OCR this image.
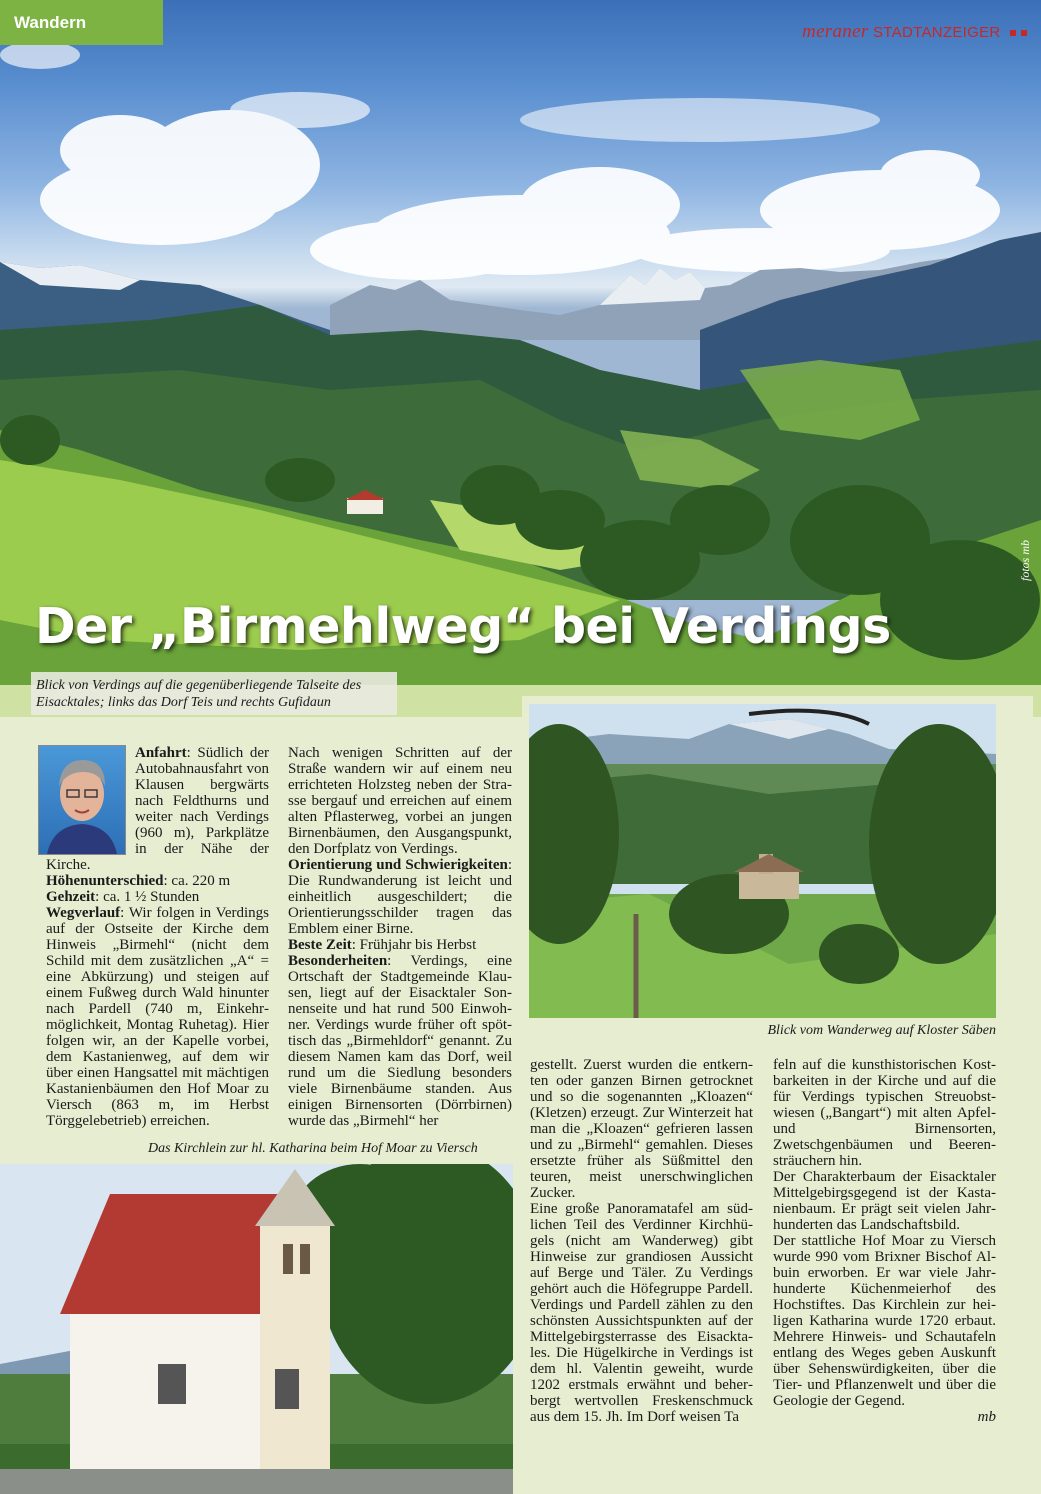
Wandern	meraner STADTANZEIGER
fotos mb
Der „Birmehlweg“ bei Verdings
Blick von Verdings auf die gegenüberliegende Talseite des Eisacktales; links das Dorf Teis und rechts Gufidaun
Blick vom Wanderweg auf Kloster Säben

Anfahrt: Südlich der Autobahnausfahrt von Klausen bergwärts nach Feldthurns und weiter nach Verdings (960 m), Parkplätze in der Nähe der Kirche.

Höhenunterschied: ca. 220 m

Gehzeit: ca. 1 ½ Stunden

Wegverlauf: Wir folgen in Verdings auf der Ostseite der Kirche dem Hinweis „Birmehl“ (nicht dem Schild mit dem zusätzlichen „A“ = eine Abkürzung) und steigen auf einem Fußweg durch Wald hinunter nach Pardell (740 m, Einkehrmöglichkeit, Montag Ruhetag). Hier folgen wir, an der Kapelle vorbei, dem Kastanienweg, auf dem wir über einen Hangsattel mit mächtigen Kastanienbäumen den Hof Moar zu Viersch (863 m, im Herbst Törggelebetrieb) erreichen.

Nach wenigen Schritten auf der Straße wandern wir auf einem neu errichteten Holzsteg neben der Strasse bergauf und erreichen auf einem alten Pflasterweg, vorbei an jungen Birnenbäumen, den Ausgangspunkt, den Dorfplatz von Verdings.

Orientierung und Schwierigkeiten: Die Rundwanderung ist leicht und einheitlich ausgeschildert; die Orientierungsschilder tragen das Emblem einer Birne.

Beste Zeit: Frühjahr bis Herbst

Besonderheiten: Verdings, eine Ortschaft der Stadtgemeinde Klausen, liegt auf der Eisacktaler Sonnenseite und hat rund 500 Einwohner. Verdings wurde früher oft spöttisch das „Birmehldorf“ genannt. Zu diesem Namen kam das Dorf, weil rund um die Siedlung besonders viele Birnenbäume standen. Aus einigen Birnensorten (Dörrbirnen) wurde das „Birmehl“ her

Das Kirchlein zur hl. Katharina beim Hof Moar zu Viersch

gestellt. Zuerst wurden die entkernten oder ganzen Birnen getrocknet und so die sogenannten „Kloazen“ (Kletzen) erzeugt. Zur Winterzeit hat man die „Kloazen“ gefrieren lassen und zu „Birmehl“ gemahlen. Dieses ersetzte früher als Süßmittel den teuren, meist unerschwinglichen Zucker.

Eine große Panoramatafel am südlichen Teil des Verdinner Kirchhügels (nicht am Wanderweg) gibt Hinweise zur grandiosen Aussicht auf Berge und Täler. Zu Verdings gehört auch die Höfegruppe Pardell. Verdings und Pardell zählen zu den schönsten Aussichtspunkten auf der Mittelgebirgsterrasse des Eisacktales. Die Hügelkirche in Verdings ist dem hl. Valentin geweiht, wurde 1202 erstmals erwähnt und beherbergt wertvollen Freskenschmuck aus dem 15. Jh. Im Dorf weisen Ta

feln auf die kunsthistorischen Kostbarkeiten in der Kirche und auf die für Verdings typischen Streuobstwiesen („Bangart“) mit alten Apfel- und Birnensorten, Zwetschgenbäumen und Beerensträuchern hin.

Der Charakterbaum der Eisacktaler Mittelgebirgsgegend ist der Kastanienbaum. Er prägt seit vielen Jahrhunderten das Landschaftsbild.

Der stattliche Hof Moar zu Viersch wurde 990 vom Brixner Bischof Albuin erworben. Er war viele Jahrhunderte Küchenmeierhof des Hochstiftes. Das Kirchlein zur heiligen Katharina wurde 1720 erbaut. Mehrere Hinweis- und Schautafeln entlang des Weges geben Auskunft über Sehenswürdigkeiten, über die Tier- und Pflanzenwelt und über die Geologie der Gegend.

mb
